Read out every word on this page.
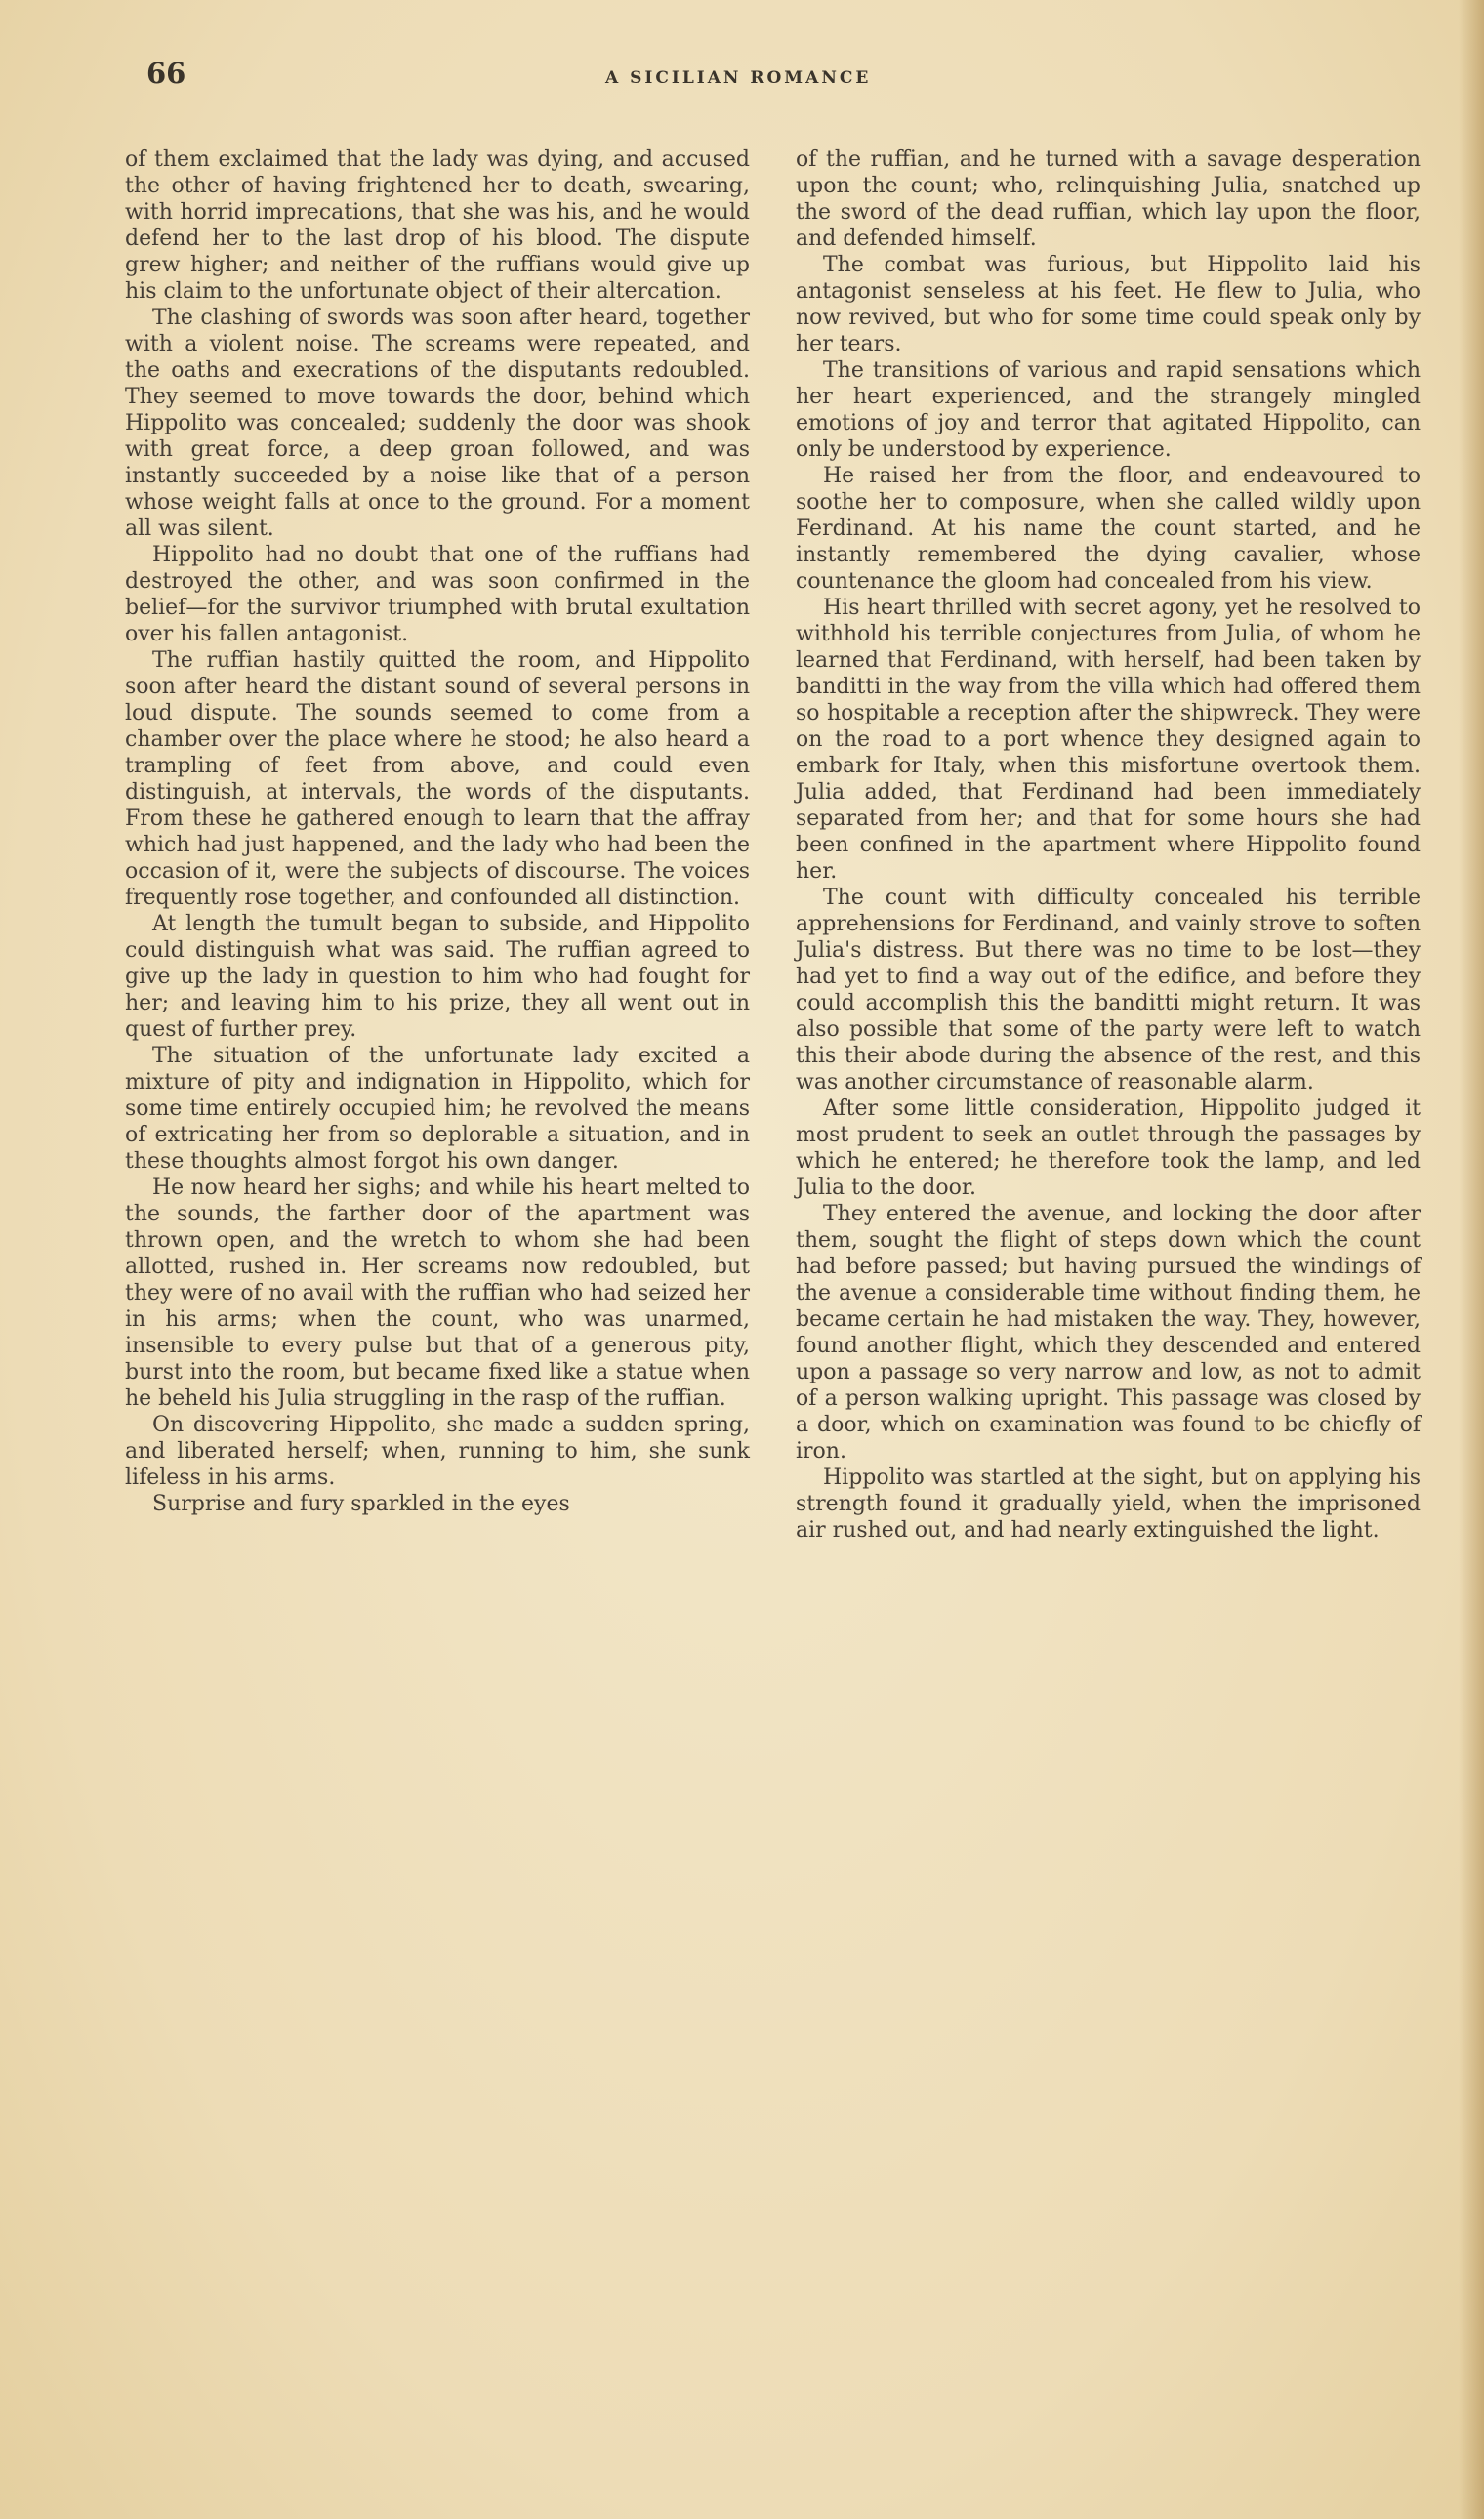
66	A SICILIAN ROMANCE

of them exclaimed that the lady was dying, and accused the other of having frightened her to death, swearing, with horrid imprecations, that she was his, and he would defend her to the last drop of his blood. The dispute grew higher; and neither of the ruffians would give up his claim to the unfortunate object of their altercation.

The clashing of swords was soon after heard, together with a violent noise. The screams were repeated, and the oaths and execrations of the disputants redoubled. They seemed to move towards the door, behind which Hippolito was concealed; suddenly the door was shook with great force, a deep groan followed, and was instantly succeeded by a noise like that of a person whose weight falls at once to the ground. For a moment all was silent.

Hippolito had no doubt that one of the ruffians had destroyed the other, and was soon confirmed in the belief—for the survivor triumphed with brutal exultation over his fallen antagonist.

The ruffian hastily quitted the room, and Hippolito soon after heard the distant sound of several persons in loud dispute. The sounds seemed to come from a chamber over the place where he stood; he also heard a trampling of feet from above, and could even distinguish, at intervals, the words of the disputants. From these he gathered enough to learn that the affray which had just happened, and the lady who had been the occasion of it, were the subjects of discourse. The voices frequently rose together, and confounded all distinction.

At length the tumult began to subside, and Hippolito could distinguish what was said. The ruffian agreed to give up the lady in question to him who had fought for her; and leaving him to his prize, they all went out in quest of further prey.

The situation of the unfortunate lady excited a mixture of pity and indignation in Hippolito, which for some time entirely occupied him; he revolved the means of extricating her from so deplorable a situation, and in these thoughts almost forgot his own danger.

He now heard her sighs; and while his heart melted to the sounds, the farther door of the apartment was thrown open, and the wretch to whom she had been allotted, rushed in. Her screams now redoubled, but they were of no avail with the ruffian who had seized her in his arms; when the count, who was unarmed, insensible to every pulse but that of a generous pity, burst into the room, but became fixed like a statue when he beheld his Julia struggling in the rasp of the ruffian.

On discovering Hippolito, she made a sudden spring, and liberated herself; when, running to him, she sunk lifeless in his arms.

Surprise and fury sparkled in the eyes

of the ruffian, and he turned with a savage desperation upon the count; who, relinquishing Julia, snatched up the sword of the dead ruffian, which lay upon the floor, and defended himself.

The combat was furious, but Hippolito laid his antagonist senseless at his feet. He flew to Julia, who now revived, but who for some time could speak only by her tears.

The transitions of various and rapid sensations which her heart experienced, and the strangely mingled emotions of joy and terror that agitated Hippolito, can only be understood by experience.

He raised her from the floor, and endeavoured to soothe her to composure, when she called wildly upon Ferdinand. At his name the count started, and he instantly remembered the dying cavalier, whose countenance the gloom had concealed from his view.

His heart thrilled with secret agony, yet he resolved to withhold his terrible conjectures from Julia, of whom he learned that Ferdinand, with herself, had been taken by banditti in the way from the villa which had offered them so hospitable a reception after the shipwreck. They were on the road to a port whence they designed again to embark for Italy, when this misfortune overtook them. Julia added, that Ferdinand had been immediately separated from her; and that for some hours she had been confined in the apartment where Hippolito found her.

The count with difficulty concealed his terrible apprehensions for Ferdinand, and vainly strove to soften Julia's distress. But there was no time to be lost—they had yet to find a way out of the edifice, and before they could accomplish this the banditti might return. It was also possible that some of the party were left to watch this their abode during the absence of the rest, and this was another circumstance of reasonable alarm.

After some little consideration, Hippolito judged it most prudent to seek an outlet through the passages by which he entered; he therefore took the lamp, and led Julia to the door.

They entered the avenue, and locking the door after them, sought the flight of steps down which the count had before passed; but having pursued the windings of the avenue a considerable time without finding them, he became certain he had mistaken the way. They, however, found another flight, which they descended and entered upon a passage so very narrow and low, as not to admit of a person walking upright. This passage was closed by a door, which on examination was found to be chiefly of iron.

Hippolito was startled at the sight, but on applying his strength found it gradually yield, when the imprisoned air rushed out, and had nearly extinguished the light.
